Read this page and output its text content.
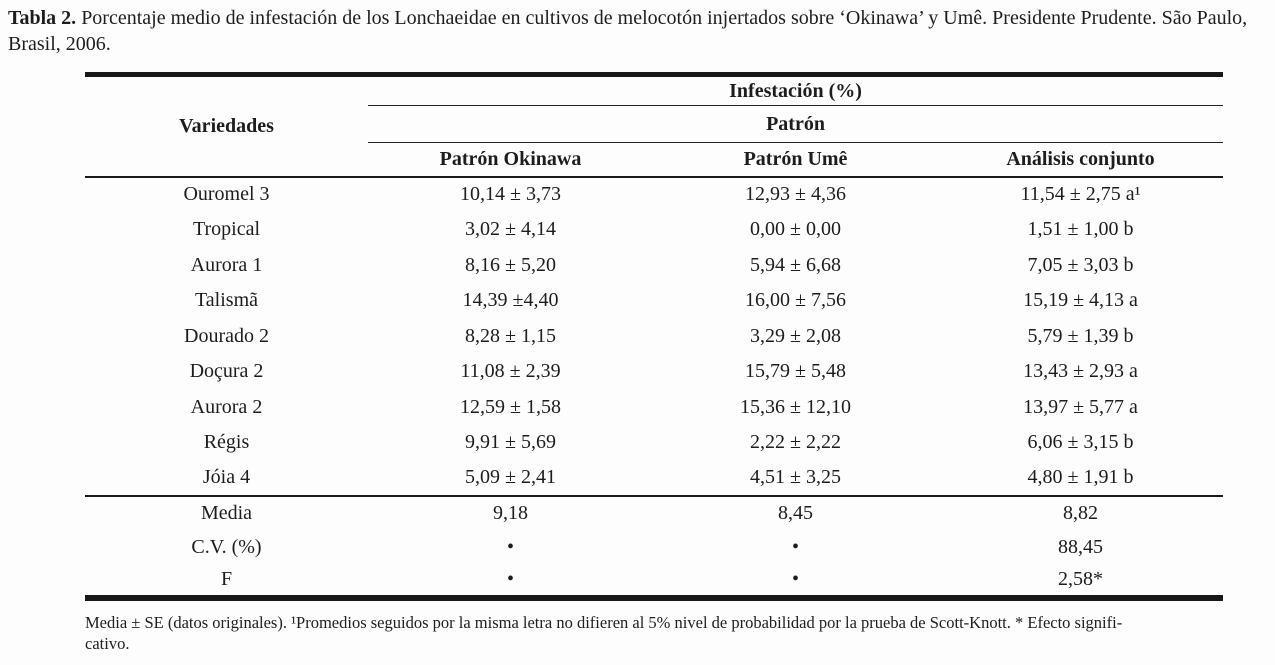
Tabla 2. Porcentaje medio de infestación de los Lonchaeidae en cultivos de melocotón injertados sobre ‘Okinawa’ y Umê. Presidente Prudente. São Paulo, Brasil, 2006.
Variedades	Infestación (%)		
	Patrón		
	Patrón Okinawa	Patrón Umê	Análisis conjunto
Ouromel 3	10,14 ± 3,73	12,93 ± 4,36	11,54 ± 2,75 a¹
Tropical	3,02 ± 4,14	0,00 ± 0,00	1,51 ± 1,00 b
Aurora 1	8,16 ± 5,20	5,94 ± 6,68	7,05 ± 3,03 b
Talismã	14,39 ±4,40	16,00 ± 7,56	15,19 ± 4,13 a
Dourado 2	8,28 ± 1,15	3,29 ± 2,08	5,79 ± 1,39 b
Doçura 2	11,08 ± 2,39	15,79 ± 5,48	13,43 ± 2,93 a
Aurora 2	12,59 ± 1,58	15,36 ± 12,10	13,97 ± 5,77 a
Régis	9,91 ± 5,69	2,22 ± 2,22	6,06 ± 3,15 b
Jóia 4	5,09 ± 2,41	4,51 ± 3,25	4,80 ± 1,91 b
Media	9,18	8,45	8,82
C.V. (%)	•	•	88,45
F	•	•	2,58*
Media ± SE (datos originales). ¹Promedios seguidos por la misma letra no difieren al 5% nivel de probabilidad por la prueba de Scott-Knott. * Efecto signifi-
cativo.
